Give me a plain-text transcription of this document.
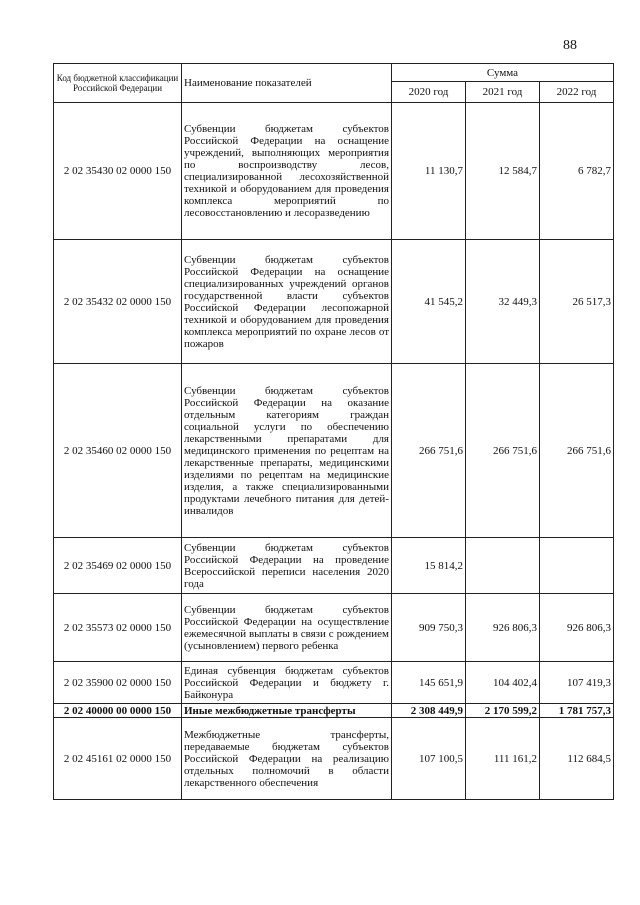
88
Код бюджетной классификации Российской Федерации	Наименование показателей	Сумма		
		2020 год	2021 год	2022 год
2 02 35430 02 0000 150	Субвенции бюджетам субъектов Российской Федерации на оснащение учреждений, выполняющих мероприятия по воспроизводству лесов, специализированной лесохозяйственной техникой и оборудованием для проведения комплекса мероприятий по лесовосстановлению и лесоразведению	11 130,7	12 584,7	6 782,7
2 02 35432 02 0000 150	Субвенции бюджетам субъектов Российской Федерации на оснащение специализированных учреждений органов государственной власти субъектов Российской Федерации лесопожарной техникой и оборудованием для проведения комплекса мероприятий по охране лесов от пожаров	41 545,2	32 449,3	26 517,3
2 02 35460 02 0000 150	Субвенции бюджетам субъектов Российской Федерации на оказание отдельным категориям граждан социальной услуги по обеспечению лекарственными препаратами для медицинского применения по рецептам на лекарственные препараты, медицинскими изделиями по рецептам на медицинские изделия, а также специализированными продуктами лечебного питания для детей-инвалидов	266 751,6	266 751,6	266 751,6
2 02 35469 02 0000 150	Субвенции бюджетам субъектов Российской Федерации на проведение Всероссийской переписи населения 2020 года	15 814,2		
2 02 35573 02 0000 150	Субвенции бюджетам субъектов Российской Федерации на осуществление ежемесячной выплаты в связи с рождением (усыновлением) первого ребенка	909 750,3	926 806,3	926 806,3
2 02 35900 02 0000 150	Единая субвенция бюджетам субъектов Российской Федерации и бюджету г. Байконура	145 651,9	104 402,4	107 419,3
2 02 40000 00 0000 150	Иные межбюджетные трансферты	2 308 449,9	2 170 599,2	1 781 757,3
2 02 45161 02 0000 150	Межбюджетные трансферты, передаваемые бюджетам субъектов Российской Федерации на реализацию отдельных полномочий в области лекарственного обеспечения	107 100,5	111 161,2	112 684,5
